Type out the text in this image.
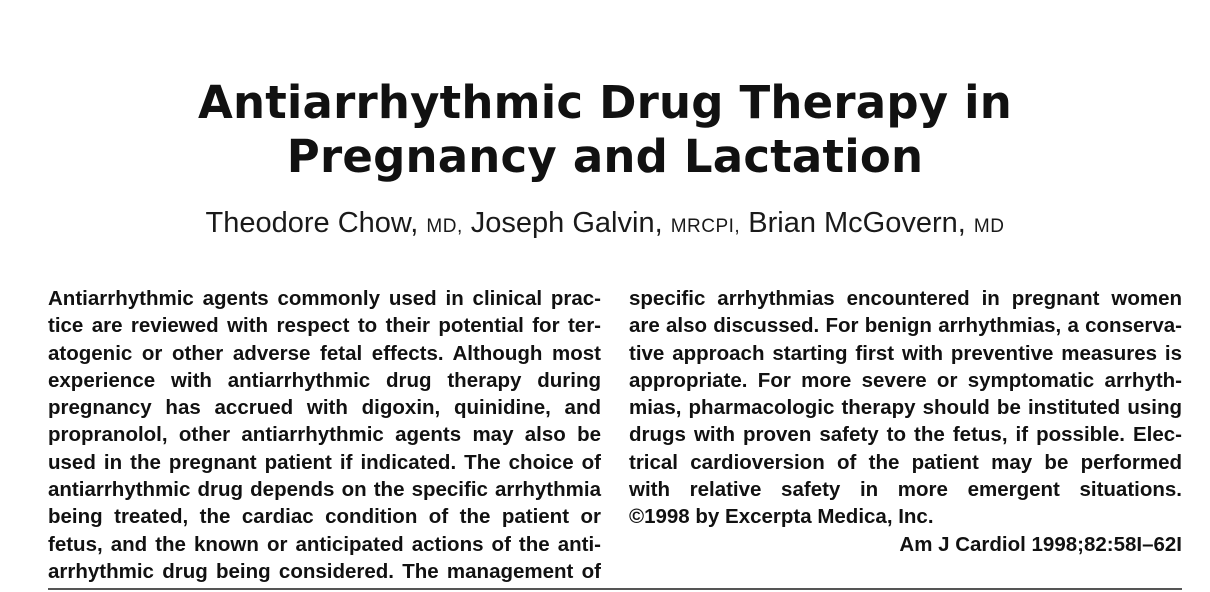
Antiarrhythmic Drug Therapy in
Pregnancy and Lactation
Theodore Chow, MD, Joseph Galvin, MRCPI, Brian McGovern, MD
Antiarrhythmic agents commonly used in clinical prac-
tice are reviewed with respect to their potential for ter-
atogenic or other adverse fetal effects. Although most
experience with antiarrhythmic drug therapy during
pregnancy has accrued with digoxin, quinidine, and
propranolol, other antiarrhythmic agents may also be
used in the pregnant patient if indicated. The choice of
antiarrhythmic drug depends on the specific arrhythmia
being treated, the cardiac condition of the patient or
fetus, and the known or anticipated actions of the anti-
arrhythmic drug being considered. The management of
specific arrhythmias encountered in pregnant women
are also discussed. For benign arrhythmias, a conserva-
tive approach starting first with preventive measures is
appropriate. For more severe or symptomatic arrhyth-
mias, pharmacologic therapy should be instituted using
drugs with proven safety to the fetus, if possible. Elec-
trical cardioversion of the patient may be performed
with relative safety in more emergent situations.
©1998 by Excerpta Medica, Inc.
Am J Cardiol 1998;82:58I–62I
